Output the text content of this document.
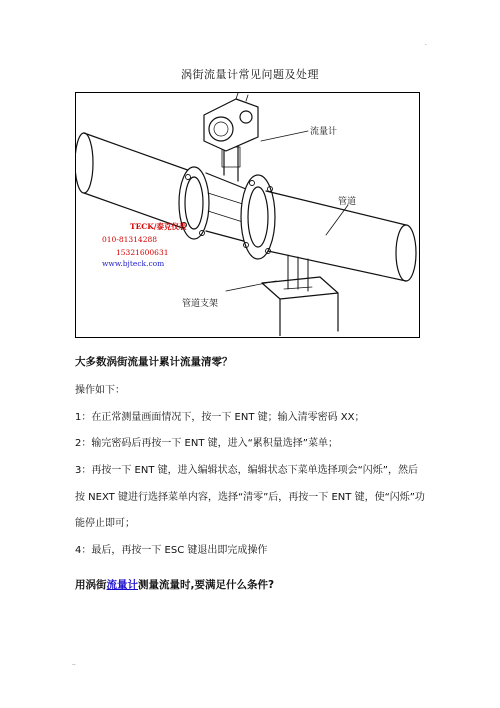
.
涡街流量计常见问题及处理
流量计
管道
管道支架
TECK/泰克仪表
010-81314288
15321600631
www.bjteck.com
大多数涡街流量计累计流量清零？
操作如下：
1：在正常测量画面情况下，按一下 ENT 键；输入清零密码 XX；
2：输完密码后再按一下 ENT 键，进入“累积量选择”菜单；
3：再按一下 ENT 键，进入编辑状态，编辑状态下菜单选择项会“闪烁”，然后
按 NEXT 键进行选择菜单内容，选择“清零”后，再按一下 ENT 键，使“闪烁”功
能停止即可；
4：最后，再按一下 ESC 键退出即完成操作
用涡街流量计测量流量时,要满足什么条件?
..
